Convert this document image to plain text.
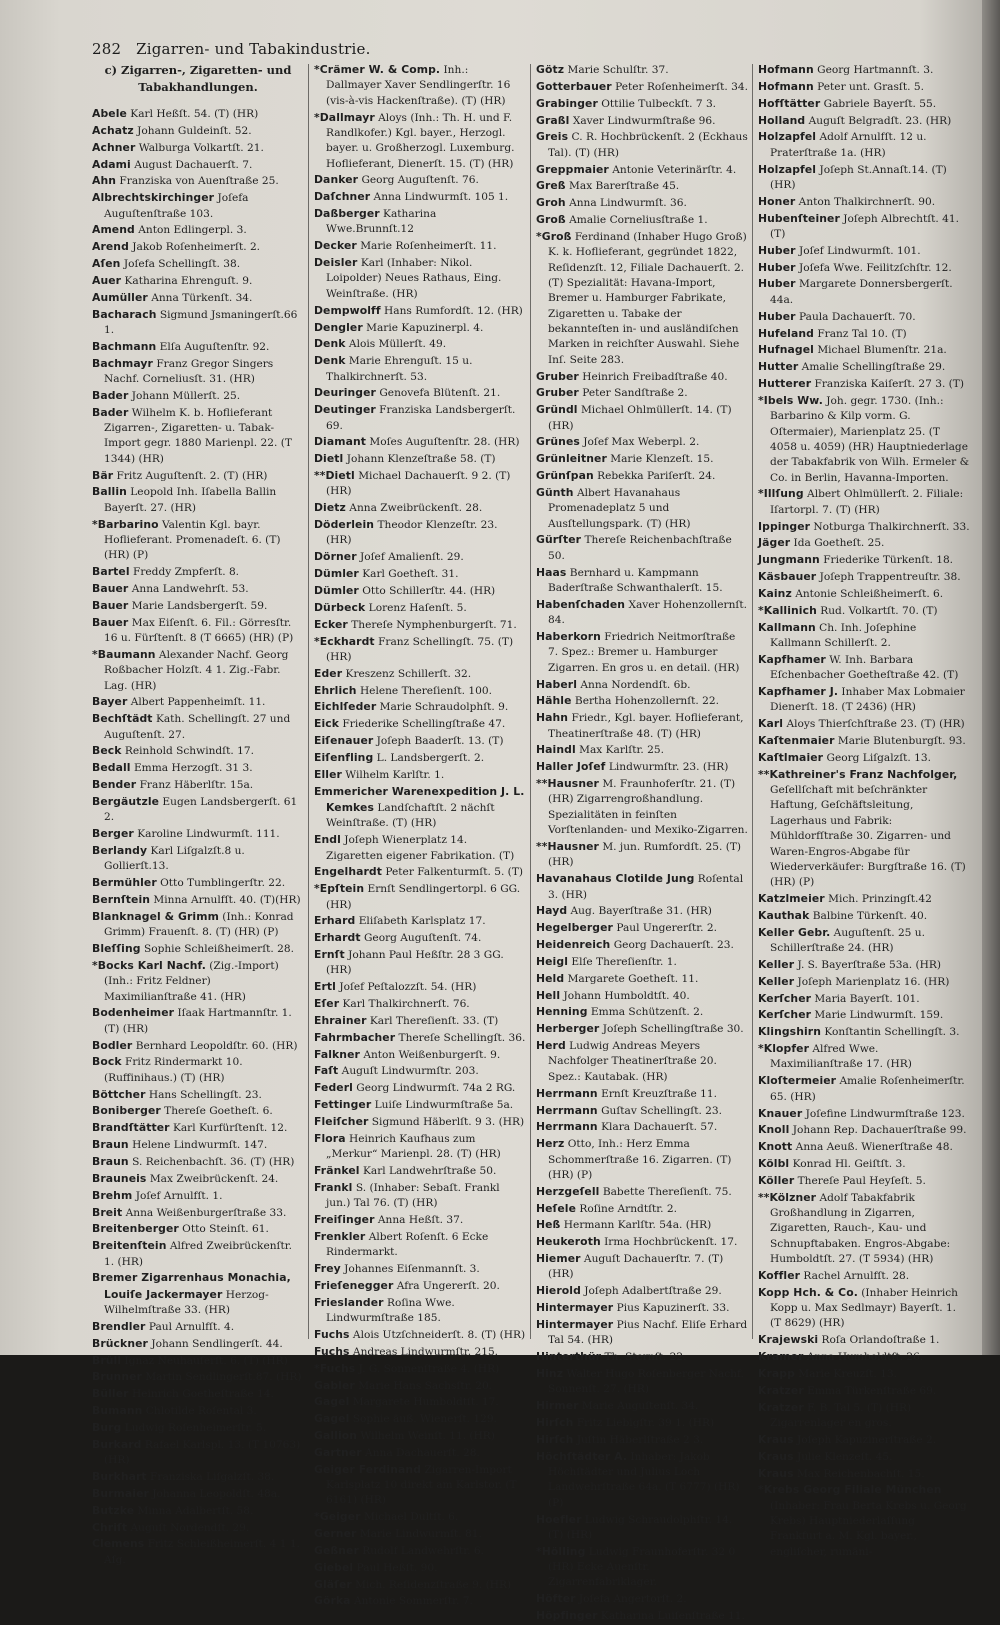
282 Zigarren- und Tabakindustrie.
c) Zigarren-, Zigaretten- und Tabakhandlungen.
Abele Karl Heßſt. 54. (T) (HR)
Achatz Johann Guldeinſt. 52.
Achner Walburga Volkartſt. 21.
Adami August Dachauerſt. 7.
Ahn Franziska von Auenſtraße 25.
Albrechtskirchinger Joſefa Auguſtenſtraße 103.
Amend Anton Edlingerpl. 3.
Arend Jakob Roſenheimerſt. 2.
Aſen Joſefa Schellingſt. 38.
Auer Katharina Ehrenguſt. 9.
Aumüller Anna Türkenſt. 34.
Bacharach Sigmund Jsmaningerſt.66 1.
Bachmann Elſa Auguſtenſtr. 92.
Bachmayr Franz Gregor Singers Nachf. Corneliusſt. 31. (HR)
Bader Johann Müllerſt. 25.
Bader Wilhelm K. b. Hoflieferant Zigarren-, Zigaretten- u. Tabak-Import gegr. 1880 Marienpl. 22. (T 1344) (HR)
Bär Fritz Auguſtenſt. 2. (T) (HR)
Ballin Leopold Inh. Iſabella Ballin Bayerſt. 27. (HR)
*Barbarino Valentin Kgl. bayr. Hoflieferant. Promenadeſt. 6. (T) (HR) (P)
Bartel Freddy Zmpferſt. 8.
Bauer Anna Landwehrſt. 53.
Bauer Marie Landsbergerſt. 59.
Bauer Max Eiſenſt. 6. Fil.: Görresſtr. 16 u. Fürſtenſt. 8 (T 6665) (HR) (P)
*Baumann Alexander Nachf. Georg Roßbacher Holzſt. 4 1. Zig.-Fabr. Lag. (HR)
Bayer Albert Pappenheimſt. 11.
Bechſtädt Kath. Schellingſt. 27 und Auguſtenſt. 27.
Beck Reinhold Schwindſt. 17.
Bedall Emma Herzogſt. 31 3.
Bender Franz Häberlſtr. 15a.
Bergäutzle Eugen Landsbergerſt. 61 2.
Berger Karoline Lindwurmſt. 111.
Berlandy Karl Liſgalzſt.8 u. Gollierſt.13.
Bermühler Otto Tumblingerſtr. 22.
Bernſtein Minna Arnulfſt. 40. (T)(HR)
Blanknagel & Grimm (Inh.: Konrad Grimm) Frauenſt. 8. (T) (HR) (P)
Bleſſing Sophie Schleißheimerſt. 28.
*Bocks Karl Nachf. (Zig.-Import) (Inh.: Fritz Feldner) Maximilianſtraße 41. (HR)
Bodenheimer Iſaak Hartmannſtr. 1. (T) (HR)
Bodler Bernhard Leopoldſtr. 60. (HR)
Bock Fritz Rindermarkt 10. (Ruffinihaus.) (T) (HR)
Böttcher Hans Schellingſt. 23.
Boniberger Thereſe Goetheſt. 6.
Brandſtätter Karl Kurfürſtenſt. 12.
Braun Helene Lindwurmſt. 147.
Braun S. Reichenbachſt. 36. (T) (HR)
Brauneis Max Zweibrückenſt. 24.
Brehm Joſef Arnulfſt. 1.
Breit Anna Weißenburgerſtraße 33.
Breitenberger Otto Steinſt. 61.
Breitenſtein Alfred Zweibrückenſtr. 1. (HR)
Bremer Zigarrenhaus Monachia, Louiſe Jackermayer Herzog-Wilhelmſtraße 33. (HR)
Brendler Paul Arnulfſt. 4.
Brückner Johann Sendlingerſt. 44.
Brüll Ignaz Neuhauſerſt. 6. (T) (HR)
Brunner Martin Sendlingerſt.87. (HR)
Büller Heinrich Goetheſtraße 14.
Bumann Chlotilde Roſental 3.
Burg Ludwig Roſenheimerſtr. 5.
Burkard Rafael Karlspl. 13. (T 10763) (HR)
Burkhart Franziska Liſgalzſt. 38.
Burmaier Johanna Leopoldſt. 48a.
Butzke Minna Adalbertſt. 58.
Chriſt Auguſt Nordendſt. 29.
Clemens Fritz Schleißheimerſt. 4 1 1. Aſg.
*Crämer W. & Comp. Inh.: Dallmayer Xaver Sendlingerſtr. 16 (vis-à-vis Hackenſtraße). (T) (HR)
*Dallmayr Aloys (Inh.: Th. H. und F. Randlkofer.) Kgl. bayer., Herzogl. bayer. u. Großherzogl. Luxemburg. Hoflieferant, Dienerſt. 15. (T) (HR)
Danker Georg Auguſtenſt. 76.
Daſchner Anna Lindwurmſt. 105 1.
Daßberger Katharina Wwe.Brunnſt.12
Decker Marie Roſenheimerſt. 11.
Deisler Karl (Inhaber: Nikol. Loipolder) Neues Rathaus, Eing. Weinſtraße. (HR)
Dempwolff Hans Rumfordſt. 12. (HR)
Dengler Marie Kapuzinerpl. 4.
Denk Alois Müllerſt. 49.
Denk Marie Ehrenguſt. 15 u. Thalkirchnerſt. 53.
Deuringer Genovefa Blütenſt. 21.
Deutinger Franziska Landsbergerſt. 69.
Diamant Moſes Auguſtenſtr. 28. (HR)
Dietl Johann Klenzeſtraße 58. (T)
**Dietl Michael Dachauerſt. 9 2. (T) (HR)
Dietz Anna Zweibrückenſt. 28.
Döderlein Theodor Klenzeſtr. 23. (HR)
Dörner Joſef Amalienſt. 29.
Dümler Karl Goetheſt. 31.
Dümler Otto Schillerſtr. 44. (HR)
Dürbeck Lorenz Haſenſt. 5.
Ecker Thereſe Nymphenburgerſt. 71.
*Eckhardt Franz Schellingſt. 75. (T)(HR)
Eder Kreszenz Schillerſt. 32.
Ehrlich Helene Thereſienſt. 100.
Eichlſeder Marie Schraudolphſt. 9.
Eick Friederike Schellingſtraße 47.
Eiſenauer Joſeph Baaderſt. 13. (T)
Eiſenfling L. Landsbergerſt. 2.
Eller Wilhelm Karlſtr. 1.
Emmericher Warenexpedition J. L. Kemkes Landſchaftſt. 2 nächſt Weinſtraße. (T) (HR)
Endl Joſeph Wienerplatz 14. Zigaretten eigener Fabrikation. (T)
Engelhardt Peter Falkenturmſt. 5. (T)
*Epſtein Ernſt Sendlingertorpl. 6 GG. (HR)
Erhard Eliſabeth Karlsplatz 17.
Erhardt Georg Auguſtenſt. 74.
Ernſt Johann Paul Heßſtr. 28 3 GG. (HR)
Ertl Joſef Peſtalozzſt. 54. (HR)
Eſer Karl Thalkirchnerſt. 76.
Ehrainer Karl Thereſienſt. 33. (T)
Fahrmbacher Thereſe Schellingſt. 36.
Falkner Anton Weißenburgerſt. 9.
Faſt Auguſt Lindwurmſtr. 203.
Federl Georg Lindwurmſt. 74a 2 RG.
Fettinger Luiſe Lindwurmſtraße 5a.
Fleiſcher Sigmund Häberlſt. 9 3. (HR)
Flora Heinrich Kaufhaus zum „Merkur“ Marienpl. 28. (T) (HR)
Fränkel Karl Landwehrſtraße 50.
Frankl S. (Inhaber: Sebaſt. Frankl jun.) Tal 76. (T) (HR)
Freiſinger Anna Heßſt. 37.
Frenkler Albert Roſenſt. 6 Ecke Rindermarkt.
Frey Johannes Eiſenmannſt. 3.
Frieſenegger Afra Ungererſt. 20.
Frieslander Roſina Wwe. Lindwurmſtraße 185.
Fuchs Alois Utzſchneiderſt. 8. (T) (HR)
Fuchs Andreas Lindwurmſtr. 215.
*Fuchs J. G. Sonnenſtraße 4. (HR)
Gabler Marie Hans Sachsſtr. 20.
Gagel Margarete Humboldtſt. 17.
Gagel Sophie äuß. Wienerſt. 129.
Gallion Wilhelm Weinſt. 11. (HR)
Gartner Anna Dachauerſt. 28.
Geiger Ferdinand Zigarren-Import Karlsplatz 10 direkt am Karlstor. (T 6161) (HR)
*Geiger Michael Dultſt. 6.
Gerner Marie Lindwurmſt. 81.
Geßner Rudolf Landwehrſtr. 6.
Giebel Paul Heßſt. 90.
Gläſer Mich. Reſidenzſtraße 9. (HR)
Görka Antonie Sommerſtr. 7.
Götz Marie Schulſtr. 37.
Gotterbauer Peter Roſenheimerſt. 34.
Grabinger Ottilie Tulbeckſt. 7 3.
Graßl Xaver Lindwurmſtraße 96.
Greis C. R. Hochbrückenſt. 2 (Eckhaus Tal). (T) (HR)
Greppmaier Antonie Veterinärſtr. 4.
Greß Max Barerſtraße 45.
Groh Anna Lindwurmſt. 36.
Groß Amalie Corneliusſtraße 1.
*Groß Ferdinand (Inhaber Hugo Groß) K. k. Hoflieferant, gegründet 1822, Reſidenzſt. 12, Filiale Dachauerſt. 2. (T) Spezialität: Havana-Import, Bremer u. Hamburger Fabrikate, Zigaretten u. Tabake der bekannteſten in- und ausländiſchen Marken in reichſter Auswahl. Siehe Inſ. Seite 283.
Gruber Heinrich Freibadſtraße 40.
Gruber Peter Sandſtraße 2.
Gründl Michael Ohlmüllerſt. 14. (T)(HR)
Grünes Joſef Max Weberpl. 2.
Grünleitner Marie Klenzeſt. 15.
Grünſpan Rebekka Pariſerſt. 24.
Günth Albert Havanahaus Promenadeplatz 5 und Ausſtellungspark. (T) (HR)
Gürſter Thereſe Reichenbachſtraße 50.
Haas Bernhard u. Kampmann Baderſtraße Schwanthalerſt. 15.
Habenſchaden Xaver Hohenzollernſt. 84.
Haberkorn Friedrich Neitmorſtraße 7. Spez.: Bremer u. Hamburger Zigarren. En gros u. en detail. (HR)
Haberl Anna Nordendſt. 6b.
Hähle Bertha Hohenzollernſt. 22.
Hahn Friedr., Kgl. bayer. Hoflieferant, Theatinerſtraße 48. (T) (HR)
Haindl Max Karlſtr. 25.
Haller Joſef Lindwurmſtr. 23. (HR)
**Hausner M. Fraunhoferſtr. 21. (T) (HR) Zigarrengroßhandlung. Spezialitäten in feinſten Vorſtenlanden- und Mexiko-Zigarren.
**Hausner M. jun. Rumfordſt. 25. (T) (HR)
Havanahaus Clotilde Jung Roſental 3. (HR)
Hayd Aug. Bayerſtraße 31. (HR)
Hegelberger Paul Ungererſtr. 2.
Heidenreich Georg Dachauerſt. 23.
Heigl Elſe Thereſienſtr. 1.
Held Margarete Goetheſt. 11.
Hell Johann Humboldtſt. 40.
Henning Emma Schützenſt. 2.
Herberger Joſeph Schellingſtraße 30.
Herd Ludwig Andreas Meyers Nachfolger Theatinerſtraße 20. Spez.: Kautabak. (HR)
Herrmann Ernſt Kreuzſtraße 11.
Herrmann Guſtav Schellingſt. 23.
Herrmann Klara Dachauerſt. 57.
Herz Otto, Inh.: Herz Emma Schommerſtraße 16. Zigarren. (T) (HR) (P)
Herzgeſell Babette Thereſienſt. 75.
Heſele Roſine Arndtſtr. 2.
Heß Hermann Karlſtr. 54a. (HR)
Heukeroth Irma Hochbrückenſt. 17.
Hiemer Auguſt Dachauerſtr. 7. (T)(HR)
Hierold Joſeph Adalbertſtraße 29.
Hintermayer Pius Kapuzinerſt. 33.
Hintermayer Pius Nachf. Eliſe Erhard Tal 54. (HR)
Hinterthür Th. Sternſt. 22.
Hinz Walter Hugo Roſenberger Nachf. Sonnenſt. 27. (HR)
Hirmer Marie Auguſtenſt. 34.
Hirſch Fritz Liebigſtr. 39 1. (HR)
Hirſch Juſtin Häberlſtraße 2 3.
Höchſtädter A. Inhaber: Jakob Höchſtädter und Julius Loch Landwehrſtraße 64a. (T 6777) (HR) (P)
Hoefler Ludwig Schraudolphſtr. 14. (T) (HR)
*Hölling Ludwig Fraunhoferſtr. 32 0 (HR) Ecke Auenſtr. Zigarrenfabriklager.
Höfter Joſefa Angertorſt. 2.
Höpfinger Katharina Luiſenſtraße 11.
Hofmann Georg Hartmannſt. 3.
Hofmann Peter unt. Grasſt. 5.
Hofſtätter Gabriele Bayerſt. 55.
Holland Auguſt Belgradſt. 23. (HR)
Holzapfel Adolf Arnulfſt. 12 u. Praterſtraße 1a. (HR)
Holzapfel Joſeph St.Annaſt.14. (T)(HR)
Honer Anton Thalkirchnerſt. 90.
Hubenſteiner Joſeph Albrechtſt. 41. (T)
Huber Joſef Lindwurmſt. 101.
Huber Joſefa Wwe. Feilitzſchſtr. 12.
Huber Margarete Donnersbergerſt. 44a.
Huber Paula Dachauerſt. 70.
Hufeland Franz Tal 10. (T)
Hufnagel Michael Blumenſtr. 21a.
Hutter Amalie Schellingſtraße 29.
Hutterer Franziska Kaiſerſt. 27 3. (T)
*Ibels Ww. Joh. gegr. 1730. (Inh.: Barbarino & Kilp vorm. G. Oſtermaier), Marienplatz 25. (T 4058 u. 4059) (HR) Hauptniederlage der Tabakfabrik von Wilh. Ermeler & Co. in Berlin, Havanna-Importen.
*Illſung Albert Ohlmüllerſt. 2. Filiale: Iſartorpl. 7. (T) (HR)
Ippinger Notburga Thalkirchnerſt. 33.
Jäger Ida Goetheſt. 25.
Jungmann Friederike Türkenſt. 18.
Käsbauer Joſeph Trappentreuſtr. 38.
Kainz Antonie Schleißheimerſt. 6.
*Kallinich Rud. Volkartſt. 70. (T)
Kallmann Ch. Inh. Joſephine Kallmann Schillerſt. 2.
Kapfhamer W. Inh. Barbara Eſchenbacher Goetheſtraße 42. (T)
Kapfhamer J. Inhaber Max Lobmaier Dienerſt. 18. (T 2436) (HR)
Karl Aloys Thierſchſtraße 23. (T) (HR)
Kaſtenmaier Marie Blutenburgſt. 93.
Kaſtlmaier Georg Liſgalzſt. 13.
**Kathreiner's Franz Nachfolger, Geſellſchaft mit beſchränkter Haftung, Geſchäftsleitung, Lagerhaus und Fabrik: Mühldorfſtraße 30. Zigarren- und Waren-Engros-Abgabe für Wiederverkäufer: Burgſtraße 16. (T) (HR) (P)
Katzlmeier Mich. Prinzingſt.42
Kauthak Balbine Türkenſt. 40.
Keller Gebr. Auguſtenſt. 25 u. Schillerſtraße 24. (HR)
Keller J. S. Bayerſtraße 53a. (HR)
Keller Joſeph Marienplatz 16. (HR)
Kerſcher Maria Bayerſt. 101.
Kerſcher Marie Lindwurmſt. 159.
Klingshirn Konſtantin Schellingſt. 3.
*Klopfer Alfred Wwe. Maximilianſtraße 17. (HR)
Kloſtermeier Amalie Roſenheimerſtr. 65. (HR)
Knauer Joſefine Lindwurmſtraße 123.
Knoll Johann Rep. Dachauerſtraße 99.
Knott Anna Aeuß. Wienerſtraße 48.
Kölbl Konrad Hl. Geiſtſt. 3.
Köller Thereſe Paul Heyſeſt. 5.
**Kölzner Adolf Tabakfabrik Großhandlung in Zigarren, Zigaretten, Rauch-, Kau- und Schnupftabaken. Engros-Abgabe: Humboldtſt. 27. (T 5934) (HR)
Koffler Rachel Arnulfſt. 28.
Kopp Hch. & Co. (Inhaber Heinrich Kopp u. Max Sedlmayr) Bayerſt. 1. (T 8629) (HR)
Krajewski Roſa Orlandoſtraße 1.
Kramer Anna Humboldtſt. 26.
Krapp Marie Kreuzſt. 13.
Kratzer Emma Türkenſtraße 69.
Kratzer F. B. Tal 5. (T) (HR) Zigarrenlager en gros.
Kraus Joſeph Kapuzinerſtraße 2.
Kraus Julie Klenzeſt. 45.
Kraus Max Reichenbachſt. 15.
*Krebs Georg Filiale München (Inhaber: Frau Berta Krebs u. Georg Krebs) Hauptniederlaſſung Frankfurt a. M. Kgl. bayer., engliſcher, rumäni-
